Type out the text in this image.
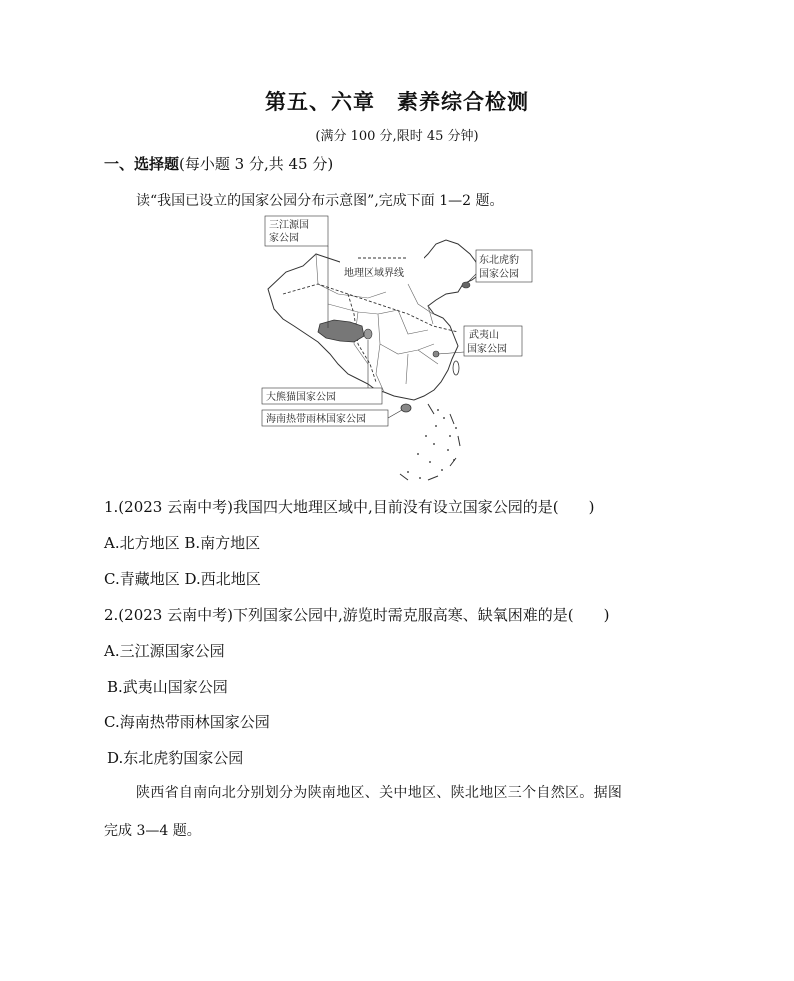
第五、六章　素养综合检测
(满分 100 分,限时 45 分钟)
一、选择题(每小题 3 分,共 45 分)
读“我国已设立的国家公园分布示意图”,完成下面 1—2 题。
三江源国
家公园
地理区域界线
东北虎豹
国家公园
武夷山
国家公园
大熊猫国家公园
海南热带雨林国家公园
1.(2023 云南中考)我国四大地理区域中,目前没有设立国家公园的是(　　)
A.北方地区 B.南方地区
C.青藏地区 D.西北地区
2.(2023 云南中考)下列国家公园中,游览时需克服高寒、缺氧困难的是(　　)
A.三江源国家公园
B.武夷山国家公园
C.海南热带雨林国家公园
D.东北虎豹国家公园
陕西省自南向北分别划分为陕南地区、关中地区、陕北地区三个自然区。据图
完成 3—4 题。
